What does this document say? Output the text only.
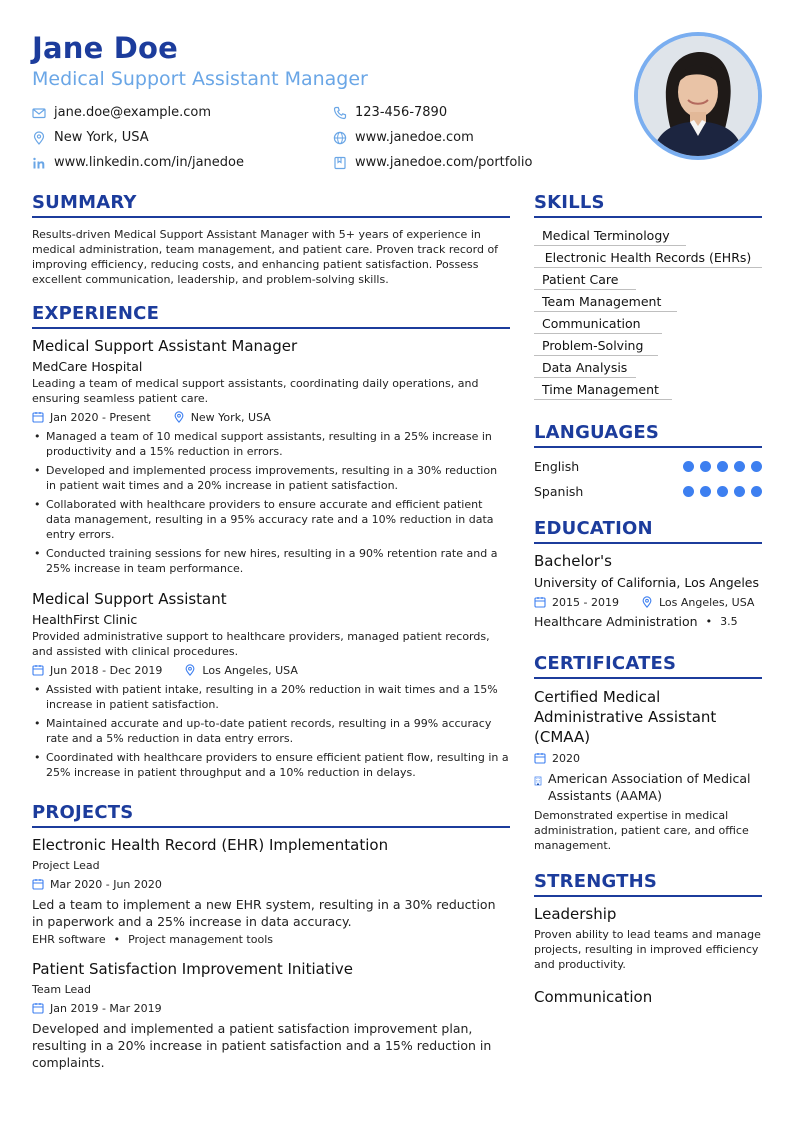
Jane Doe
Medical Support Assistant Manager
jane.doe@example.com
New York, USA
www.linkedin.com/in/janedoe
123-456-7890
www.janedoe.com
www.janedoe.com/portfolio
SUMMARY
Results-driven Medical Support Assistant Manager with 5+ years of experience in medical administration, team management, and patient care. Proven track record of improving efficiency, reducing costs, and enhancing patient satisfaction. Possess excellent communication, leadership, and problem-solving skills.
EXPERIENCE
Medical Support Assistant Manager
MedCare Hospital
Leading a team of medical support assistants, coordinating daily operations, and ensuring seamless patient care.
Jan 2020 - Present	New York, USA
• Managed a team of 10 medical support assistants, resulting in a 25% increase in productivity and a 15% reduction in errors.
• Developed and implemented process improvements, resulting in a 30% reduction in patient wait times and a 20% increase in patient satisfaction.
• Collaborated with healthcare providers to ensure accurate and efficient patient data management, resulting in a 95% accuracy rate and a 10% reduction in data entry errors.
• Conducted training sessions for new hires, resulting in a 90% retention rate and a 25% increase in team performance.
Medical Support Assistant
HealthFirst Clinic
Provided administrative support to healthcare providers, managed patient records, and assisted with clinical procedures.
Jun 2018 - Dec 2019	Los Angeles, USA
• Assisted with patient intake, resulting in a 20% reduction in wait times and a 15% increase in patient satisfaction.
• Maintained accurate and up-to-date patient records, resulting in a 99% accuracy rate and a 5% reduction in data entry errors.
• Coordinated with healthcare providers to ensure efficient patient flow, resulting in a 25% increase in patient throughput and a 10% reduction in delays.
PROJECTS
Electronic Health Record (EHR) Implementation
Project Lead
Mar 2020 - Jun 2020
Led a team to implement a new EHR system, resulting in a 30% reduction in paperwork and a 25% increase in data accuracy.
EHR software • Project management tools
Patient Satisfaction Improvement Initiative
Team Lead
Jan 2019 - Mar 2019
Developed and implemented a patient satisfaction improvement plan, resulting in a 20% increase in patient satisfaction and a 15% reduction in complaints.
SKILLS
Medical Terminology
Electronic Health Records (EHRs)
Patient Care
Team Management
Communication
Problem-Solving
Data Analysis
Time Management
LANGUAGES
English
Spanish
EDUCATION
Bachelor's
University of California, Los Angeles
2015 - 2019	Los Angeles, USA
Healthcare Administration • 3.5
CERTIFICATES
Certified Medical Administrative Assistant (CMAA)
2020
American Association of Medical Assistants (AAMA)
Demonstrated expertise in medical administration, patient care, and office management.
STRENGTHS
Leadership
Proven ability to lead teams and manage projects, resulting in improved efficiency and productivity.
Communication
